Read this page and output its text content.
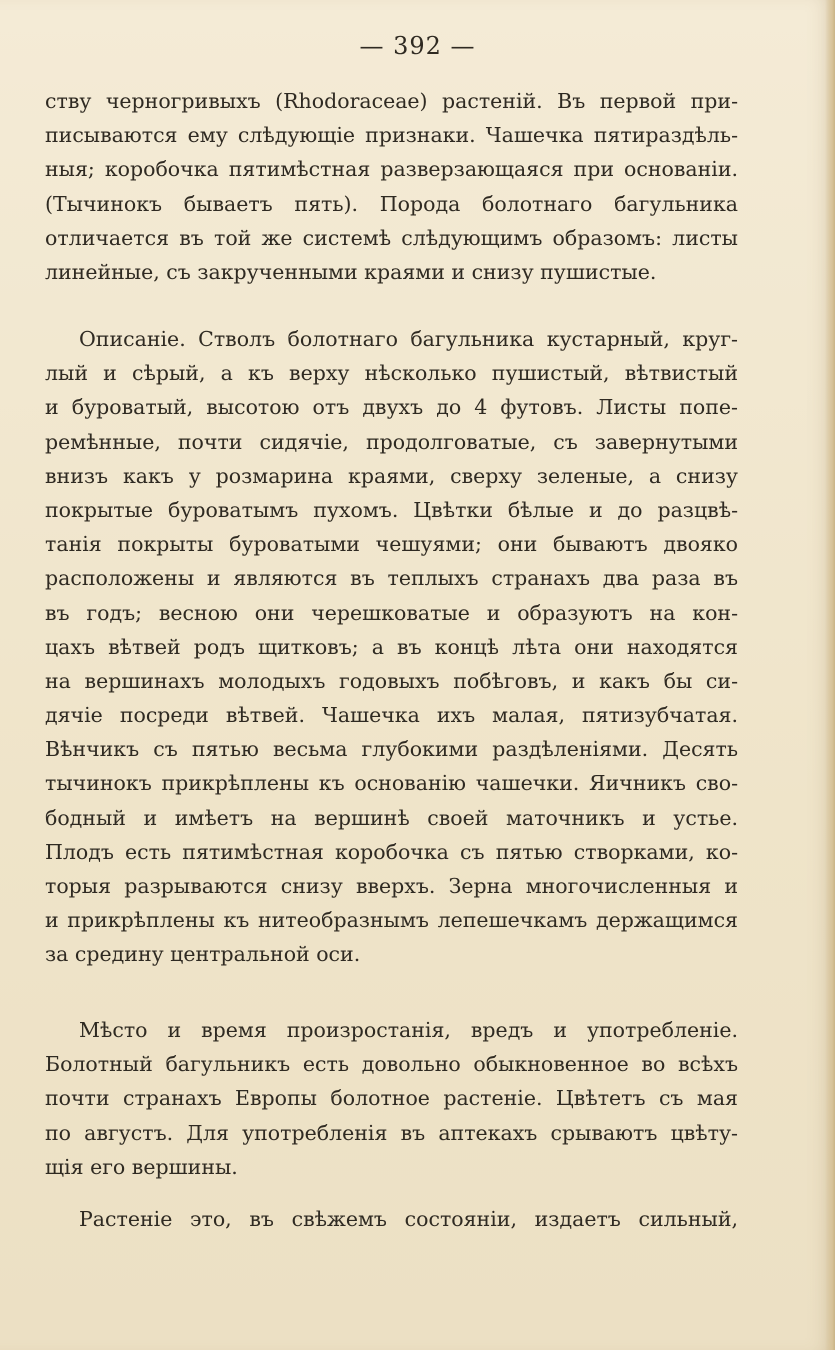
— 392 —
ству черногривыхъ (Rhodoraceae) растеній. Въ первой при-
писываются ему слѣдующіе признаки. Чашечка пятираздѣль-
ныя; коробочка пятимѣстная разверзающаяся при основаніи.
(Тычинокъ бываетъ пять). Порода болотнаго багульника
отличается въ той же системѣ слѣдующимъ образомъ: листы
линейные, съ закрученными краями и снизу пушистые.
Описаніе. Стволъ болотнаго багульника кустарный, круг-
лый и сѣрый, а къ верху нѣсколько пушистый, вѣтвистый
и буроватый, высотою отъ двухъ до 4 футовъ. Листы попе-
ремѣнные, почти сидячіе, продолговатые, съ завернутыми
внизъ какъ у розмарина краями, сверху зеленые, а снизу
покрытые буроватымъ пухомъ. Цвѣтки бѣлые и до разцвѣ-
танія покрыты буроватыми чешуями; они бываютъ двояко
расположены и являются въ теплыхъ странахъ два раза въ
въ годъ; весною они черешковатые и образуютъ на кон-
цахъ вѣтвей родъ щитковъ; а въ концѣ лѣта они находятся
на вершинахъ молодыхъ годовыхъ побѣговъ, и какъ бы си-
дячіе посреди вѣтвей. Чашечка ихъ малая, пятизубчатая.
Вѣнчикъ съ пятью весьма глубокими раздѣленіями. Десять
тычинокъ прикрѣплены къ основанію чашечки. Яичникъ сво-
бодный и имѣетъ на вершинѣ своей маточникъ и устье.
Плодъ есть пятимѣстная коробочка съ пятью створками, ко-
торыя разрываются снизу вверхъ. Зерна многочисленныя и
и прикрѣплены къ нитеобразнымъ лепешечкамъ держащимся
за средину центральной оси.
Мѣсто и время произростанія, вредъ и употребленіе.
Болотный багульникъ есть довольно обыкновенное во всѣхъ
почти странахъ Европы болотное растеніе. Цвѣтетъ съ мая
по августъ. Для употребленія въ аптекахъ срываютъ цвѣту-
щія его вершины.
Растеніе это, въ свѣжемъ состояніи, издаетъ сильный,
